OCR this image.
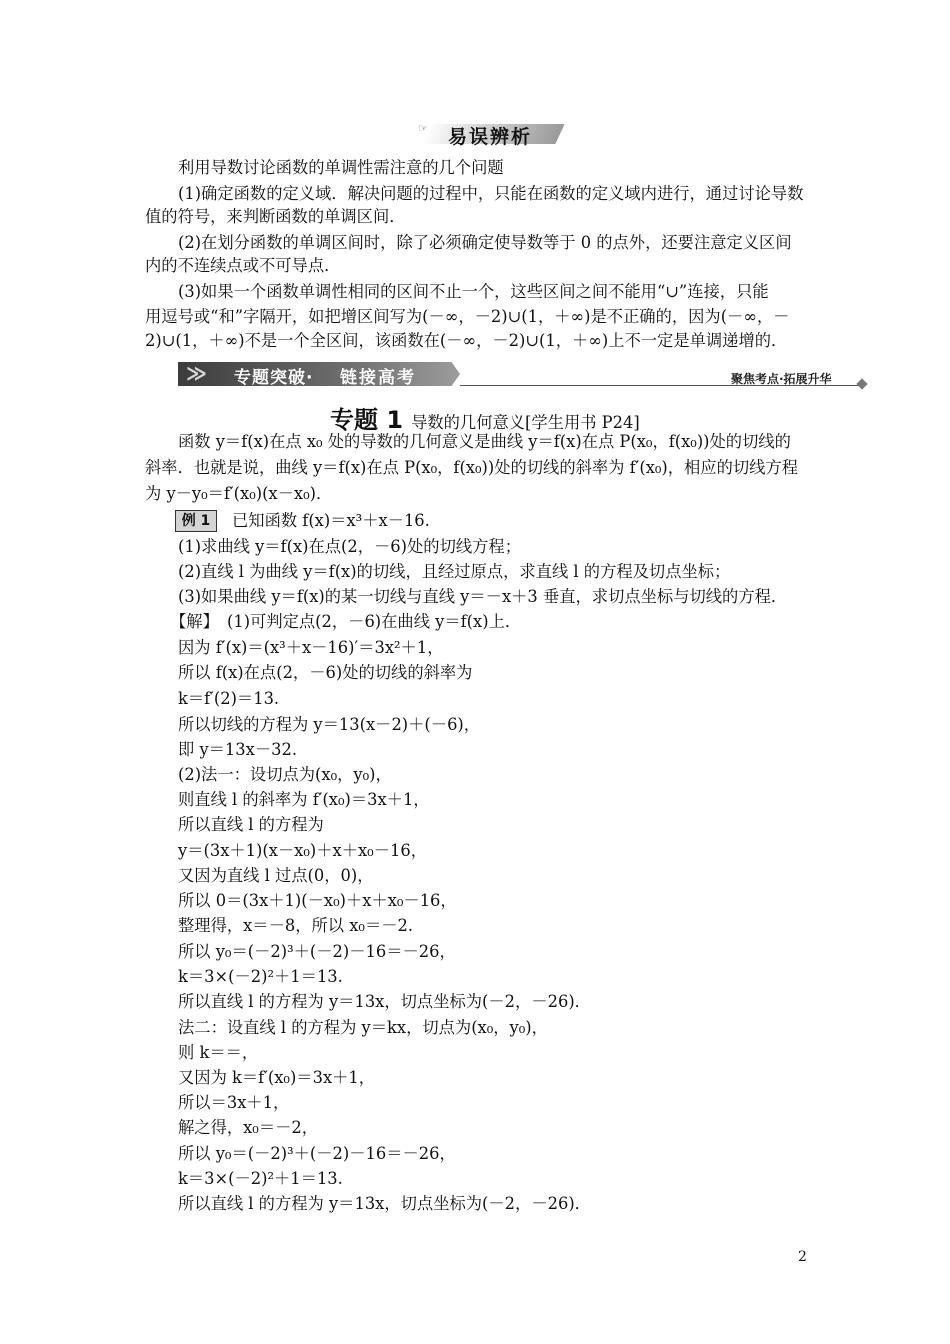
☞ 易误辨析
利用导数讨论函数的单调性需注意的几个问题
(1)确定函数的定义域．解决问题的过程中，只能在函数的定义域内进行，通过讨论导数
值的符号，来判断函数的单调区间．
(2)在划分函数的单调区间时，除了必须确定使导数等于 0 的点外，还要注意定义区间
内的不连续点或不可导点．
(3)如果一个函数单调性相同的区间不止一个，这些区间之间不能用“∪”连接，只能
用逗号或“和”字隔开，如把增区间写为(－∞，－2)∪(1，＋∞)是不正确的，因为(－∞，－
2)∪(1，＋∞)不是一个全区间，该函数在(－∞，－2)∪(1，＋∞)上不一定是单调递增的．
≫ 专题突破· 链接高考	聚焦考点·拓展升华
专题 1 导数的几何意义[学生用书 P24]
函数 y＝f(x)在点 x₀ 处的导数的几何意义是曲线 y＝f(x)在点 P(x₀，f(x₀))处的切线的
斜率．也就是说，曲线 y＝f(x)在点 P(x₀，f(x₀))处的切线的斜率为 f′(x₀)，相应的切线方程
为 y－y₀＝f′(x₀)(x－x₀)．
例 1	已知函数 f(x)＝x³＋x－16.
(1)求曲线 y＝f(x)在点(2，－6)处的切线方程；
(2)直线 l 为曲线 y＝f(x)的切线，且经过原点，求直线 l 的方程及切点坐标；
(3)如果曲线 y＝f(x)的某一切线与直线 y＝－x＋3 垂直，求切点坐标与切线的方程．
【解】　(1)可判定点(2，－6)在曲线 y＝f(x)上．
因为 f′(x)＝(x³＋x－16)′＝3x²＋1，
所以 f(x)在点(2，－6)处的切线的斜率为
k＝f′(2)＝13.
所以切线的方程为 y＝13(x－2)＋(－6)，
即 y＝13x－32.
(2)法一：设切点为(x₀，y₀)，
则直线 l 的斜率为 f′(x₀)＝3x＋1，
所以直线 l 的方程为
y＝(3x＋1)(x－x₀)＋x＋x₀－16，
又因为直线 l 过点(0，0)，
所以 0＝(3x＋1)(－x₀)＋x＋x₀－16，
整理得，x＝－8，所以 x₀＝－2.
所以 y₀＝(－2)³＋(－2)－16＝－26，
k＝3×(－2)²＋1＝13.
所以直线 l 的方程为 y＝13x，切点坐标为(－2，－26)．
法二：设直线 l 的方程为 y＝kx，切点为(x₀，y₀)，
则 k＝＝，
又因为 k＝f′(x₀)＝3x＋1，
所以＝3x＋1，
解之得，x₀＝－2，
所以 y₀＝(－2)³＋(－2)－16＝－26，
k＝3×(－2)²＋1＝13.
所以直线 l 的方程为 y＝13x，切点坐标为(－2，－26)．
2
